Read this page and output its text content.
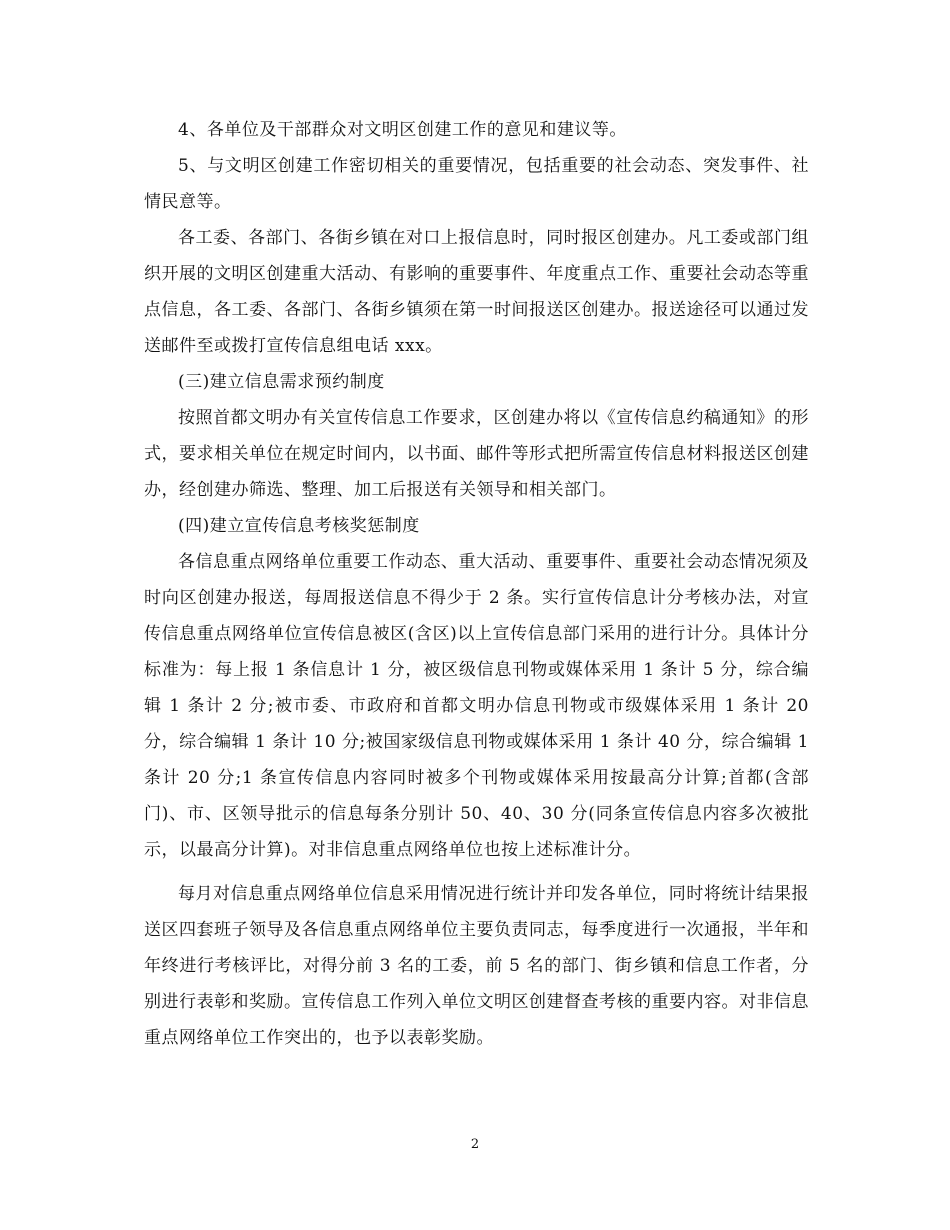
4、各单位及干部群众对文明区创建工作的意见和建议等。

5、与文明区创建工作密切相关的重要情况，包括重要的社会动态、突发事件、社情民意等。

各工委、各部门、各街乡镇在对口上报信息时，同时报区创建办。凡工委或部门组织开展的文明区创建重大活动、有影响的重要事件、年度重点工作、重要社会动态等重点信息，各工委、各部门、各街乡镇须在第一时间报送区创建办。报送途径可以通过发送邮件至或拨打宣传信息组电话 xxx。

(三)建立信息需求预约制度

按照首都文明办有关宣传信息工作要求，区创建办将以《宣传信息约稿通知》的形式，要求相关单位在规定时间内，以书面、邮件等形式把所需宣传信息材料报送区创建办，经创建办筛选、整理、加工后报送有关领导和相关部门。

(四)建立宣传信息考核奖惩制度

各信息重点网络单位重要工作动态、重大活动、重要事件、重要社会动态情况须及时向区创建办报送，每周报送信息不得少于 2 条。实行宣传信息计分考核办法，对宣传信息重点网络单位宣传信息被区(含区)以上宣传信息部门采用的进行计分。具体计分标准为：每上报 1 条信息计 1 分，被区级信息刊物或媒体采用 1 条计 5 分，综合编辑 1 条计 2 分;被市委、市政府和首都文明办信息刊物或市级媒体采用 1 条计 20 分，综合编辑 1 条计 10 分;被国家级信息刊物或媒体采用 1 条计 40 分，综合编辑 1 条计 20 分;1 条宣传信息内容同时被多个刊物或媒体采用按最高分计算;首都(含部门)、市、区领导批示的信息每条分别计 50、40、30 分(同条宣传信息内容多次被批示，以最高分计算)。对非信息重点网络单位也按上述标准计分。

每月对信息重点网络单位信息采用情况进行统计并印发各单位，同时将统计结果报送区四套班子领导及各信息重点网络单位主要负责同志，每季度进行一次通报，半年和年终进行考核评比，对得分前 3 名的工委，前 5 名的部门、街乡镇和信息工作者，分别进行表彰和奖励。宣传信息工作列入单位文明区创建督查考核的重要内容。对非信息重点网络单位工作突出的，也予以表彰奖励。

2
